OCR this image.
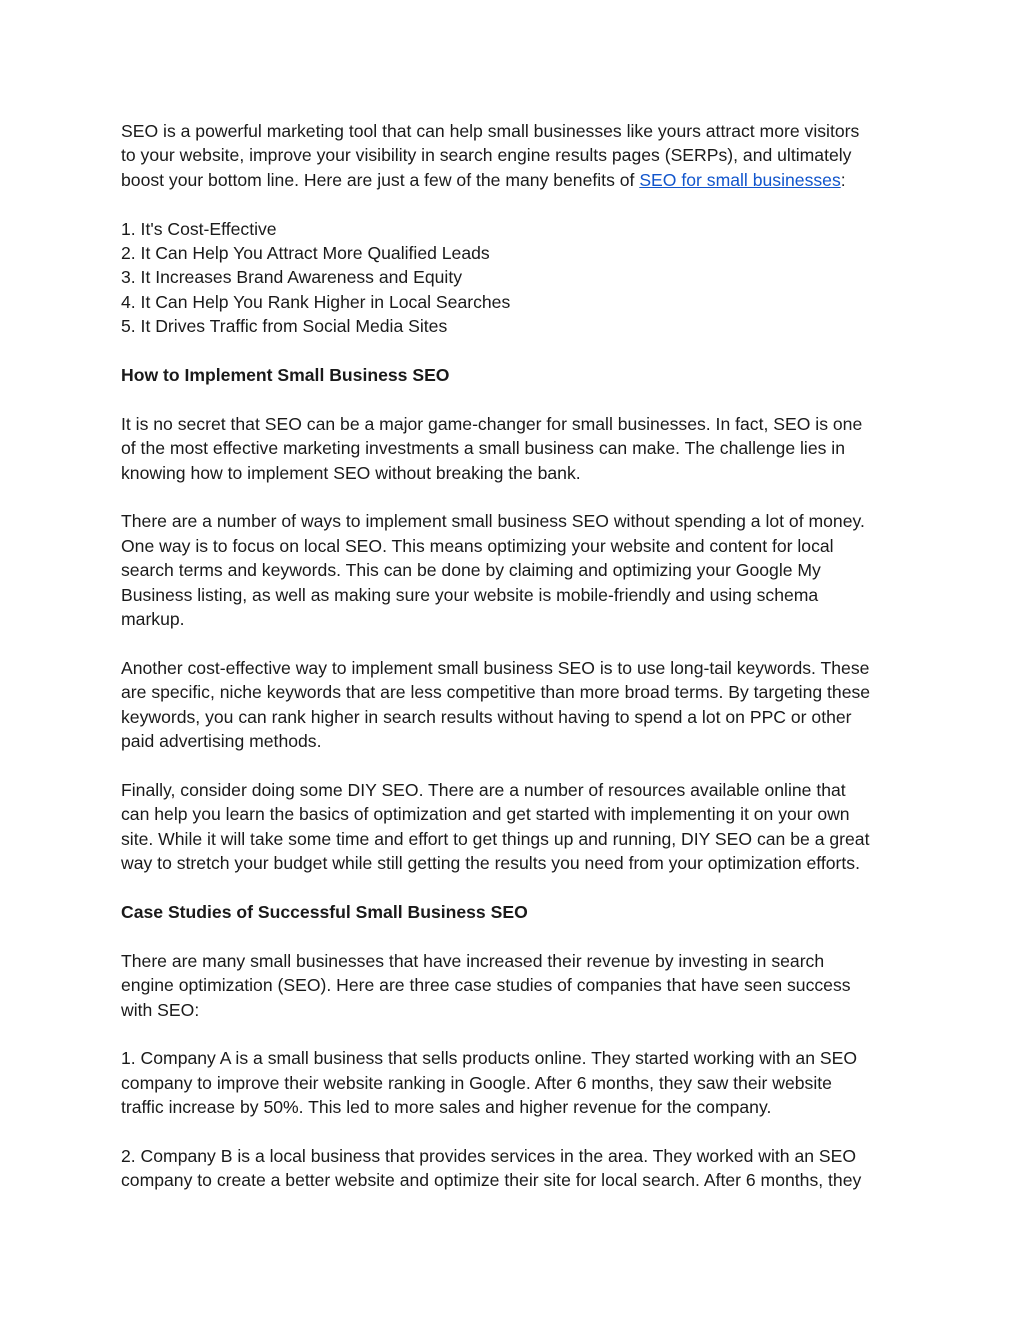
SEO is a powerful marketing tool that can help small businesses like yours attract more visitors

to your website, improve your visibility in search engine results pages (SERPs), and ultimately

boost your bottom line. Here are just a few of the many benefits of SEO for small businesses:

1. It's Cost-Effective

2. It Can Help You Attract More Qualified Leads

3. It Increases Brand Awareness and Equity

4. It Can Help You Rank Higher in Local Searches

5. It Drives Traffic from Social Media Sites

How to Implement Small Business SEO

It is no secret that SEO can be a major game-changer for small businesses. In fact, SEO is one

of the most effective marketing investments a small business can make. The challenge lies in

knowing how to implement SEO without breaking the bank.

There are a number of ways to implement small business SEO without spending a lot of money.

One way is to focus on local SEO. This means optimizing your website and content for local

search terms and keywords. This can be done by claiming and optimizing your Google My

Business listing, as well as making sure your website is mobile-friendly and using schema

markup.

Another cost-effective way to implement small business SEO is to use long-tail keywords. These

are specific, niche keywords that are less competitive than more broad terms. By targeting these

keywords, you can rank higher in search results without having to spend a lot on PPC or other

paid advertising methods.

Finally, consider doing some DIY SEO. There are a number of resources available online that

can help you learn the basics of optimization and get started with implementing it on your own

site. While it will take some time and effort to get things up and running, DIY SEO can be a great

way to stretch your budget while still getting the results you need from your optimization efforts.

Case Studies of Successful Small Business SEO

There are many small businesses that have increased their revenue by investing in search

engine optimization (SEO). Here are three case studies of companies that have seen success

with SEO:

1. Company A is a small business that sells products online. They started working with an SEO

company to improve their website ranking in Google. After 6 months, they saw their website

traffic increase by 50%. This led to more sales and higher revenue for the company.

2. Company B is a local business that provides services in the area. They worked with an SEO

company to create a better website and optimize their site for local search. After 6 months, they
